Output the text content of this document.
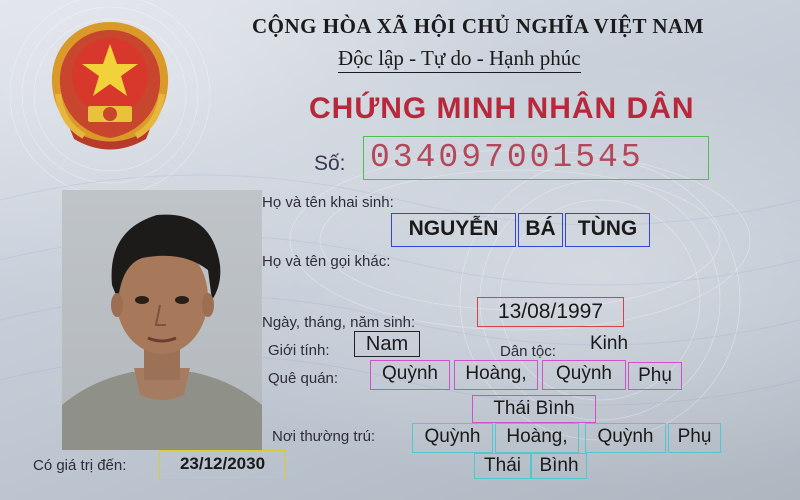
CỘNG HÒA XÃ HỘI CHỦ NGHĨA VIỆT NAM
Độc lập - Tự do - Hạnh phúc
CHỨNG MINH NHÂN DÂN
Số: 034097001545
Họ và tên khai sinh:
NGUYỄN	BÁ	TÙNG
Họ và tên gọi khác:
Ngày, tháng, năm sinh:	13/08/1997
Giới tính:	Nam	Dân tộc: Kinh
Quê quán:	Quỳnh	Hoàng,	Quỳnh	Phụ
Thái Bình
Nơi thường trú:	Quỳnh	Hoàng,	Quỳnh	Phụ
Thái Bình
Có giá trị đến:	23/12/2030
